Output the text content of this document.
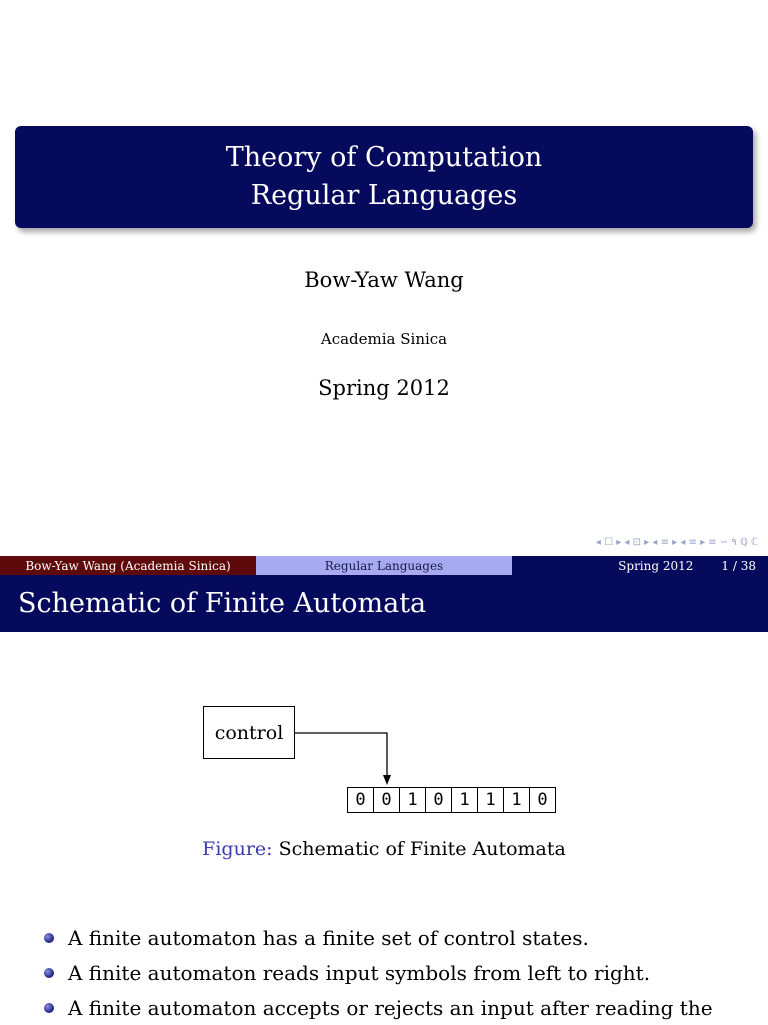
Theory of Computation
Regular Languages
Bow-Yaw Wang
Academia Sinica
Spring 2012
◂ ☐ ▸ ◂ ⊡ ▸ ◂ ≡ ▸ ◂ ≡ ▸ ≡ ∽ ٩ ℚ ℂ
Bow-Yaw Wang (Academia Sinica)	Regular Languages	Spring 2012 1 / 38
Schematic of Finite Automata
control
0 0 1 0 1 1 1 0
Figure: Schematic of Finite Automata
A finite automaton has a finite set of control states.
A finite automaton reads input symbols from left to right.
A finite automaton accepts or rejects an input after reading the
